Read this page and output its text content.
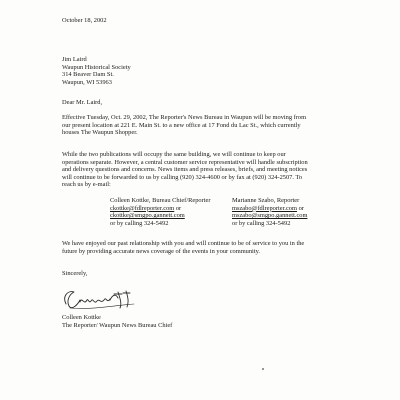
October 18, 2002
Jim Laird
Waupun Historical Society
314 Beaver Dam St.
Waupun, WI 53963
Dear Mr. Laird,
Effective Tuesday, Oct. 29, 2002, The Reporter's News Bureau in Waupun will be moving from
our present location at 221 E. Main St. to a new office at 17 Fond du Lac St., which currently
houses The Waupun Shopper.
While the two publications will occupy the same building, we will continue to keep our
operations separate. However, a central customer service representative will handle subscription
and delivery questions and concerns. News items and press releases, briefs, and meeting notices
will continue to be forwarded to us by calling (920) 324-4600 or by fax at (920) 324-2507. To
reach us by e-mail:
Colleen Kottke, Bureau Chief/Reporter
ckottke@fdlreporter.com or
ckottke@smgpo.gannett.com
or by calling 324-5492
Marianne Szabo, Reporter
mszabo@fdlreporter.com or
mszabo@smgpo.gannett.com
or by calling 324-5492
We have enjoyed our past relationship with you and will continue to be of service to you in the
future by providing accurate news coverage of the events in your community.
Sincerely,
Colleen Kottke
The Reporter/ Waupun News Bureau Chief
